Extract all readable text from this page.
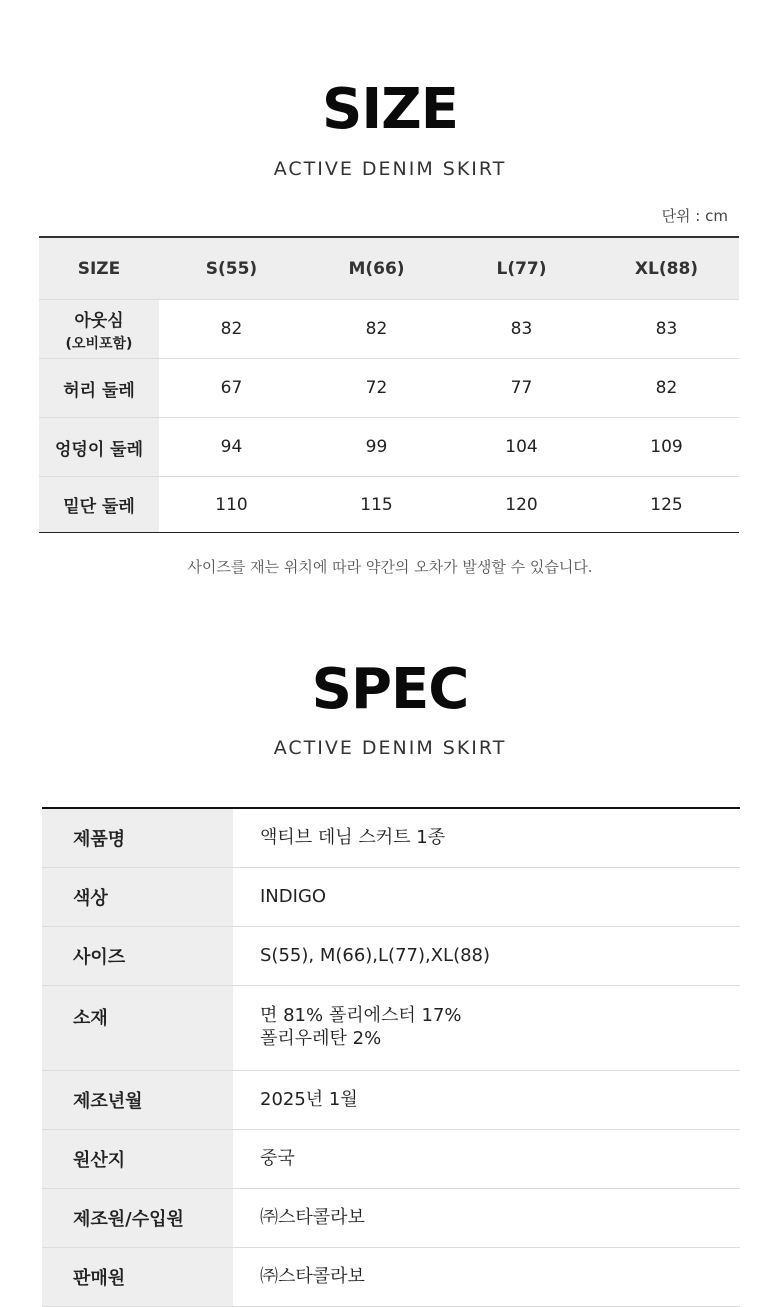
SIZE
ACTIVE DENIM SKIRT
단위 : cm
SIZE	S(55)	M(66)	L(77)	XL(88)
아웃심
(오비포함)
82	82	83	83
허리 둘레	67	72	77	82
엉덩이 둘레	94	99	104	109
밑단 둘레	110	115	120	125
사이즈를 재는 위치에 따라 약간의 오차가 발생할 수 있습니다.
SPEC
ACTIVE DENIM SKIRT
제품명	액티브 데님 스커트 1종
색상	INDIGO
사이즈	S(55), M(66),L(77),XL(88)
소재	면 81% 폴리에스터 17%
폴리우레탄 2%
제조년월	2025년 1월
원산지	중국
제조원/수입원	㈜스타콜라보
판매원	㈜스타콜라보
